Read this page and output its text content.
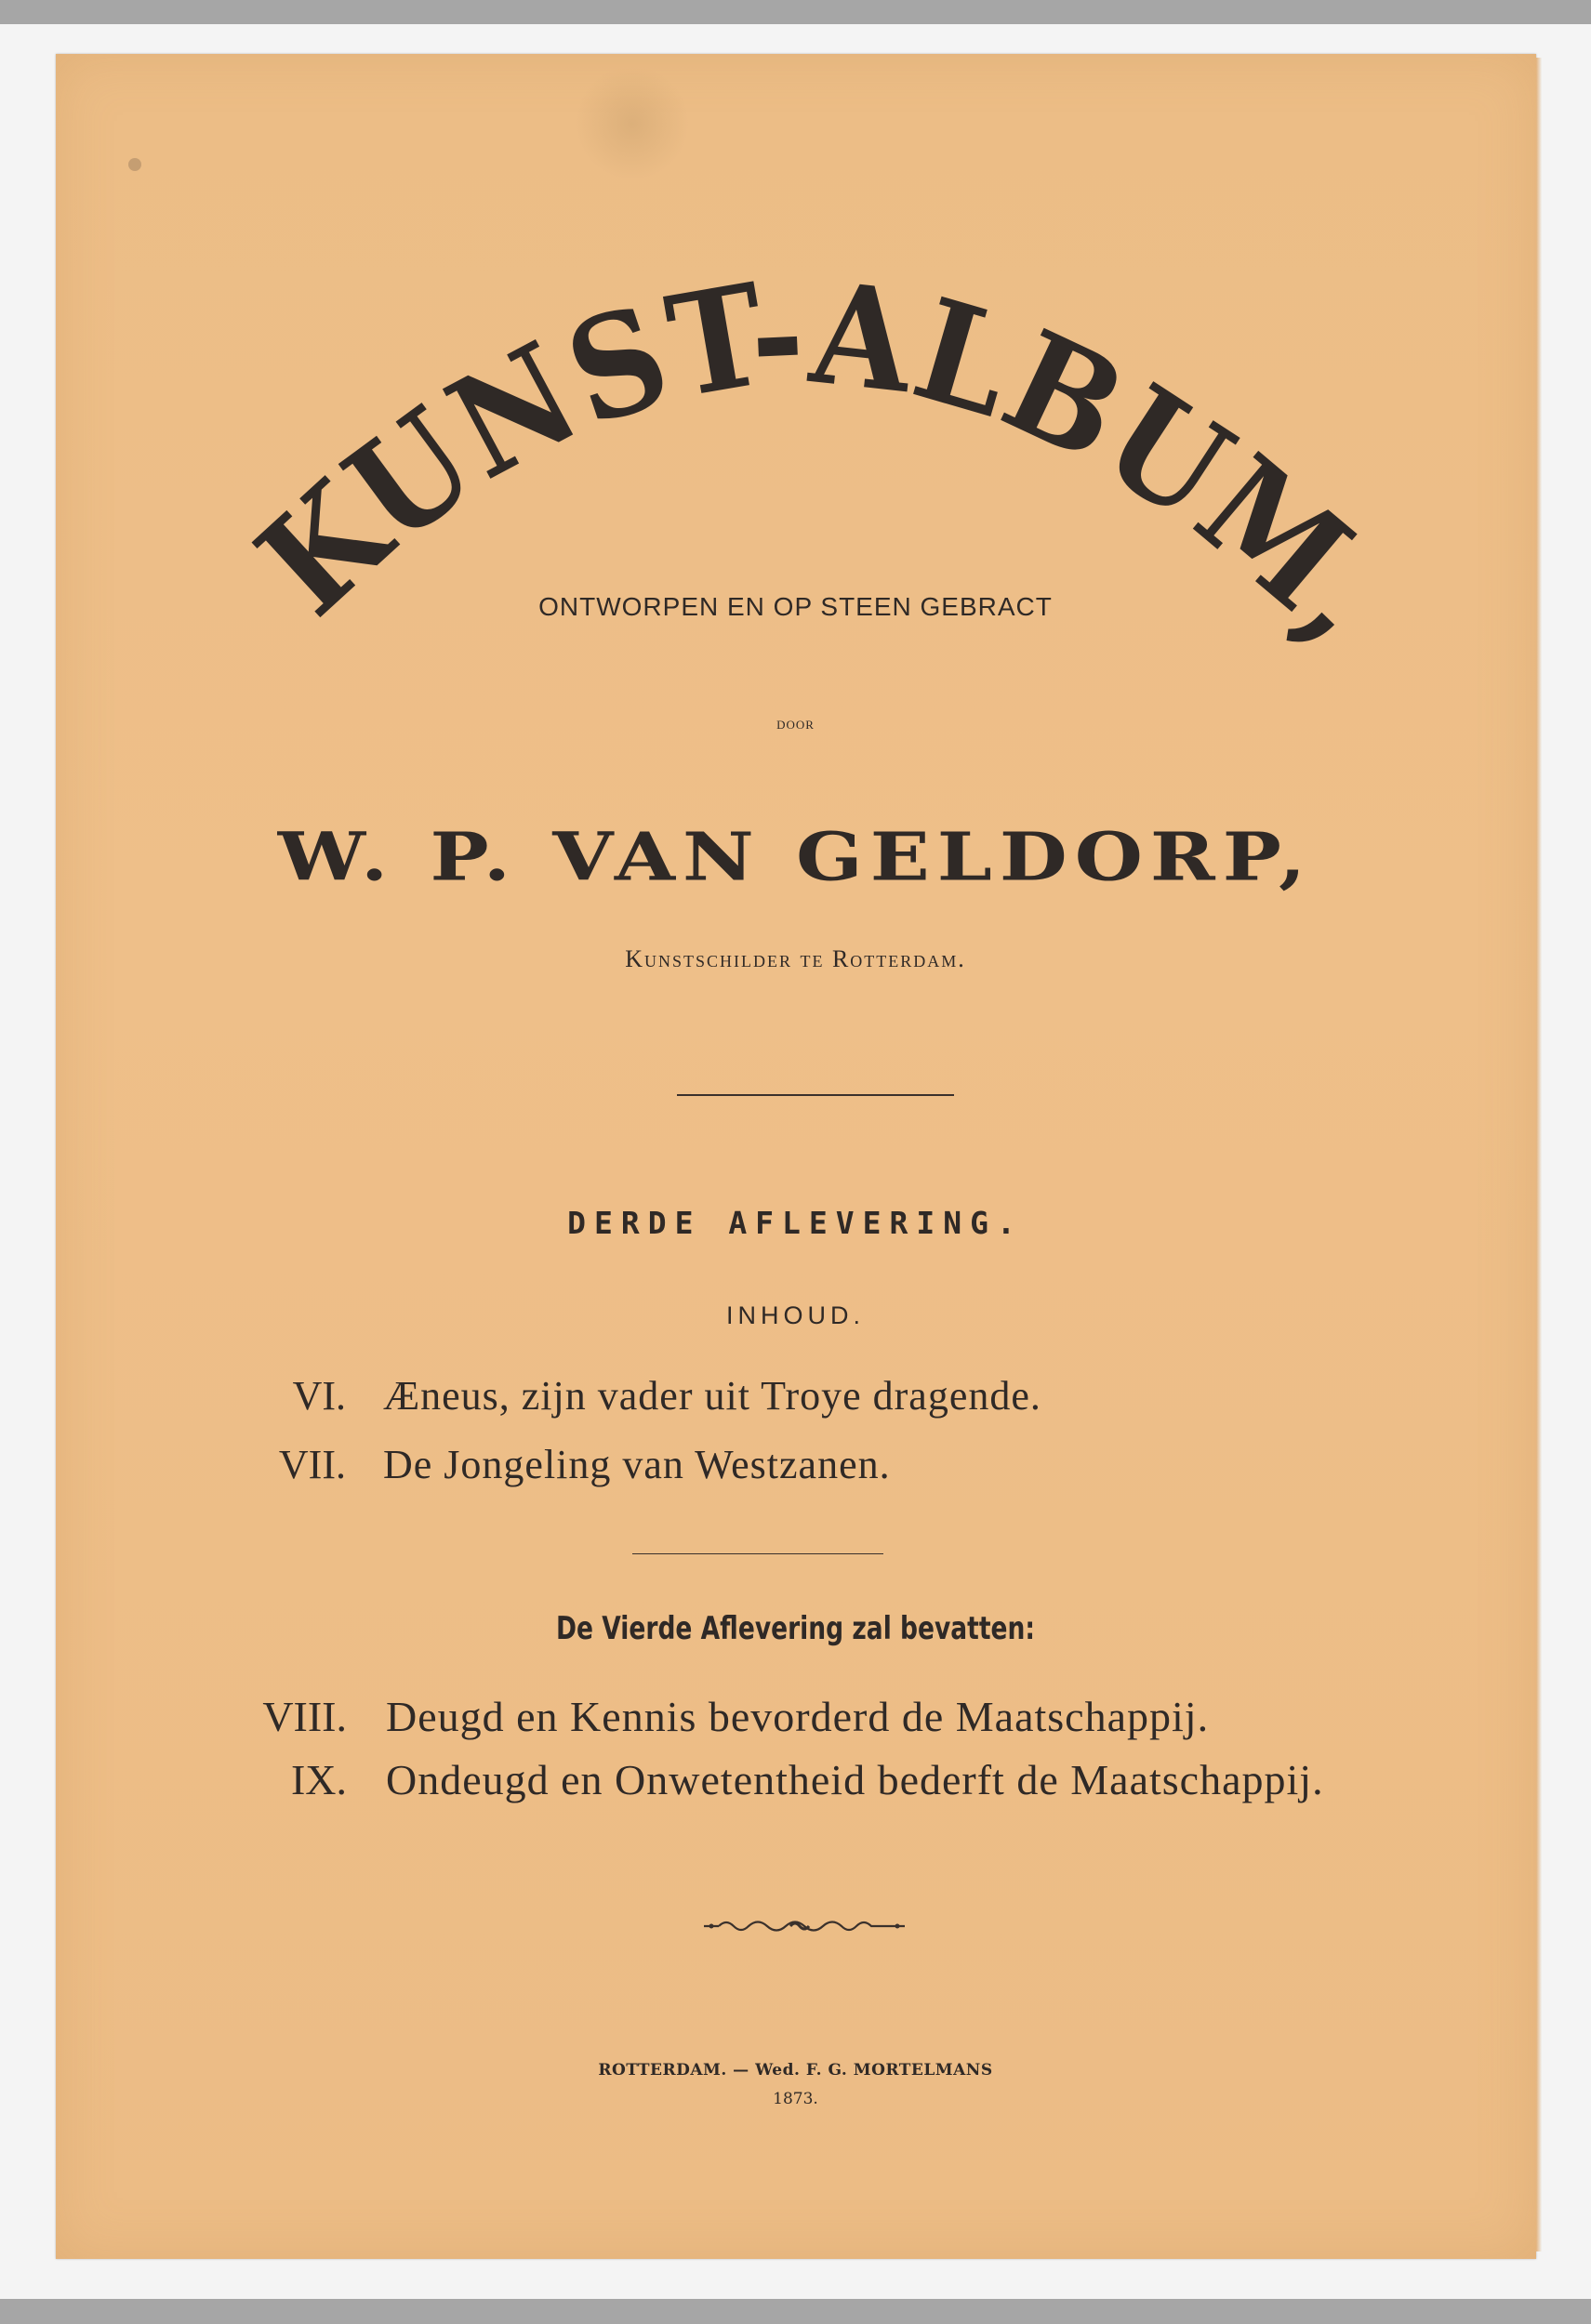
KUNST-ALBUM,
ONTWORPEN EN OP STEEN GEBRACT
DOOR
W. P. VAN GELDORP,
Kunstschilder te Rotterdam.
DERDE AFLEVERING.
INHOUD.
VI. Æneus, zijn vader uit Troye dragende.
VII. De Jongeling van Westzanen.
De Vierde Aflevering zal bevatten:
VIII. Deugd en Kennis bevorderd de Maatschappij.
IX. Ondeugd en Onwetentheid bederft de Maatschappij.
ROTTERDAM. — Wed. F. G. MORTELMANS
1873.
